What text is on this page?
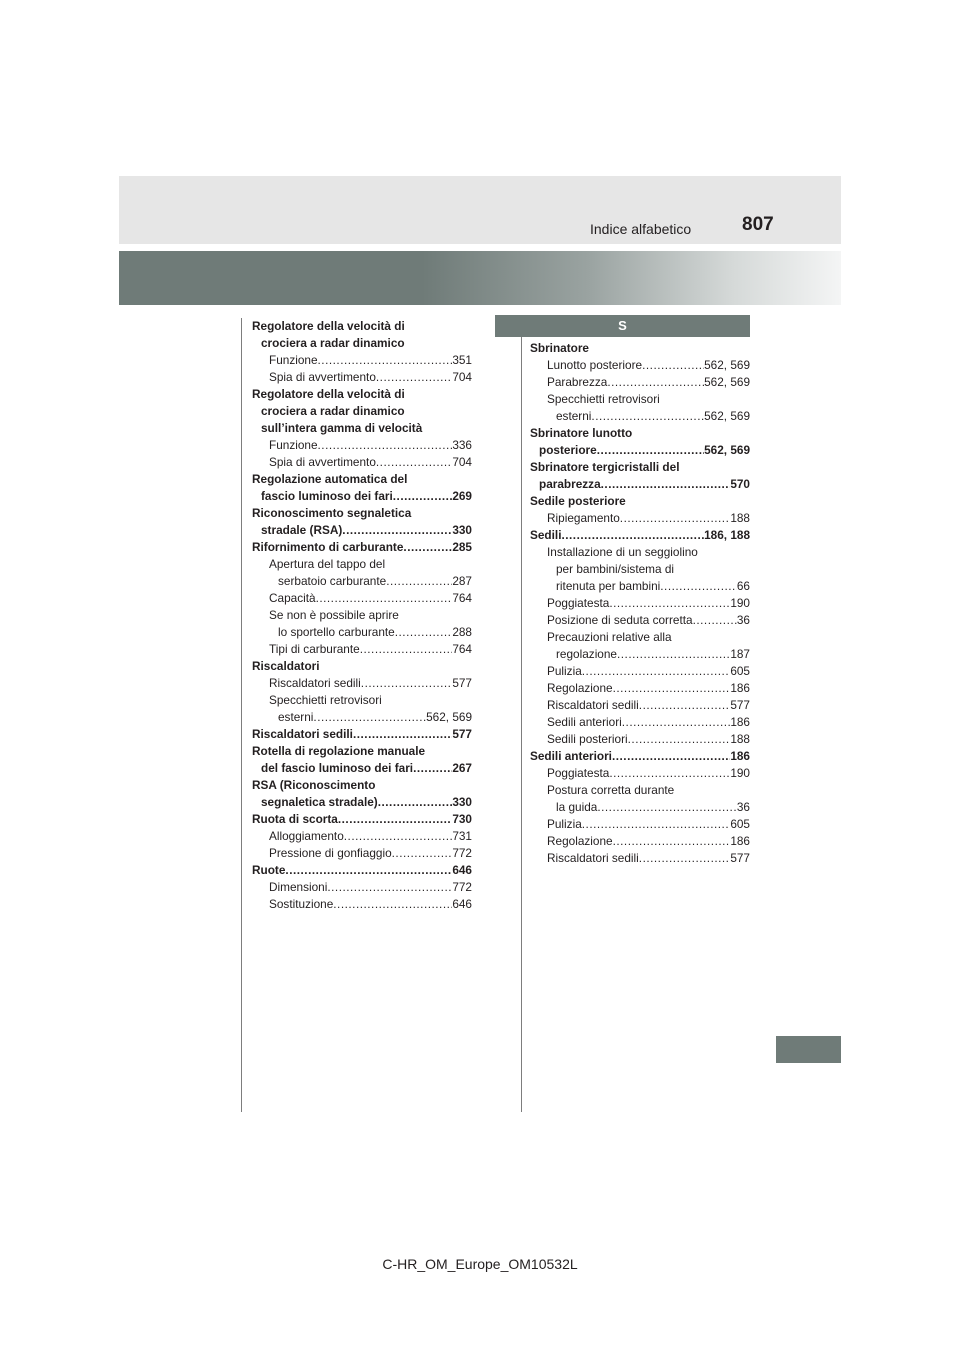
Indice alfabetico	807
Regolatore della velocità di
crociera a radar dinamico
Funzione .....	351
Spia di avvertimento .....	704
Regolatore della velocità di
crociera a radar dinamico
sull’intera gamma di velocità
Funzione .....	336
Spia di avvertimento .....	704
Regolazione automatica del
fascio luminoso dei fari .....	269
Riconoscimento segnaletica
stradale (RSA) .....	330
Rifornimento di carburante .....	285
Apertura del tappo del
serbatoio carburante .....	287
Capacità .....	764
Se non è possibile aprire
lo sportello carburante .....	288
Tipi di carburante .....	764
Riscaldatori
Riscaldatori sedili .....	577
Specchietti retrovisori
esterni .....	562, 569
Riscaldatori sedili .....	577
Rotella di regolazione manuale
del fascio luminoso dei fari .....	267
RSA (Riconoscimento
segnaletica stradale) .....	330
Ruota di scorta .....	730
Alloggiamento .....	731
Pressione di gonfiaggio .....	772
Ruote .....	646
Dimensioni .....	772
Sostituzione .....	646
S
Sbrinatore
Lunotto posteriore .....	562, 569
Parabrezza .....	562, 569
Specchietti retrovisori
esterni .....	562, 569
Sbrinatore lunotto
posteriore .....	562, 569
Sbrinatore tergicristalli del
parabrezza .....	570
Sedile posteriore
Ripiegamento .....	188
Sedili .....	186, 188
Installazione di un seggiolino
per bambini/sistema di
ritenuta per bambini .....	66
Poggiatesta .....	190
Posizione di seduta corretta .....	36
Precauzioni relative alla
regolazione .....	187
Pulizia .....	605
Regolazione .....	186
Riscaldatori sedili .....	577
Sedili anteriori .....	186
Sedili posteriori .....	188
Sedili anteriori .....	186
Poggiatesta .....	190
Postura corretta durante
la guida .....	36
Pulizia .....	605
Regolazione .....	186
Riscaldatori sedili .....	577
C-HR_OM_Europe_OM10532L
